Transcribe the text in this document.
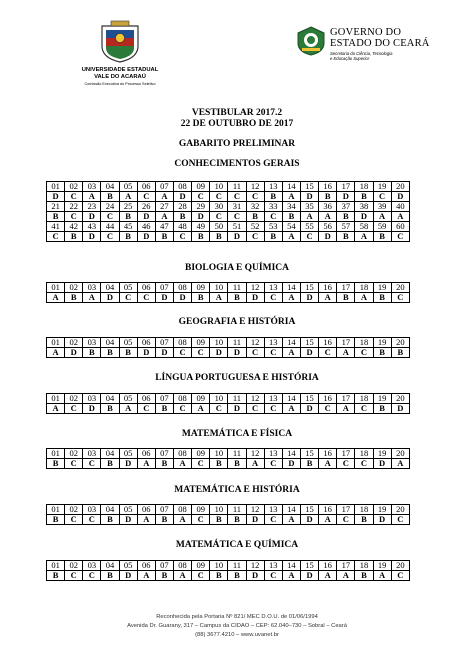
UNIVERSIDADE ESTADUAL
VALE DO ACARAÚ
Comissão Executiva do Processo Seletivo
GOVERNO DO
ESTADO DO CEARÁ
Secretaria da Ciência, Tecnologia
e Educação Superior
VESTIBULAR 2017.2
22 DE OUTUBRO DE 2017
GABARITO PRELIMINAR
CONHECIMENTOS GERAIS
BIOLOGIA E QUÍMICA
GEOGRAFIA E HISTÓRIA
LÍNGUA PORTUGUESA E HISTÓRIA
MATEMÁTICA E FÍSICA
MATEMÁTICA E HISTÓRIA
MATEMÁTICA E QUÍMICA
01	02	03	04	05	06	07	08	09	10	11	12	13	14	15	16	17	18	19	20
D	C	A	B	A	C	A	D	C	C	C	C	B	A	D	B	D	B	C	D
21	22	23	24	25	26	27	28	29	30	31	32	33	34	35	36	37	38	39	40
B	C	D	C	B	D	A	B	D	C	C	B	C	B	A	A	B	D	A	A
41	42	43	44	45	46	47	48	49	50	51	52	53	54	55	56	57	58	59	60
C	B	D	C	B	D	B	C	B	B	D	C	B	A	C	D	B	A	B	C
01	02	03	04	05	06	07	08	09	10	11	12	13	14	15	16	17	18	19	20
A	B	A	D	C	C	D	D	B	A	B	D	C	A	D	A	B	A	B	C
01	02	03	04	05	06	07	08	09	10	11	12	13	14	15	16	17	18	19	20
A	D	B	B	B	D	D	C	C	D	D	C	C	A	D	C	A	C	B	B
01	02	03	04	05	06	07	08	09	10	11	12	13	14	15	16	17	18	19	20
A	C	D	B	A	C	B	C	A	C	D	C	C	A	D	C	A	C	B	D
01	02	03	04	05	06	07	08	09	10	11	12	13	14	15	16	17	18	19	20
B	C	C	B	D	A	B	A	C	B	B	A	C	D	B	A	C	C	D	A
01	02	03	04	05	06	07	08	09	10	11	12	13	14	15	16	17	18	19	20
B	C	C	B	D	A	B	A	C	B	B	D	C	A	D	A	C	B	D	C
01	02	03	04	05	06	07	08	09	10	11	12	13	14	15	16	17	18	19	20
B	C	C	B	D	A	B	A	C	B	B	D	C	A	D	A	A	B	A	C
Reconhecida pela Portaria Nº 821/ MEC D.O.U. de 01/06/1994
Avenida Dr. Guarany, 317 – Campus da CIDAO – CEP: 62.040–730 – Sobral – Ceará
(88) 3677.4210 – www.uvanet.br
